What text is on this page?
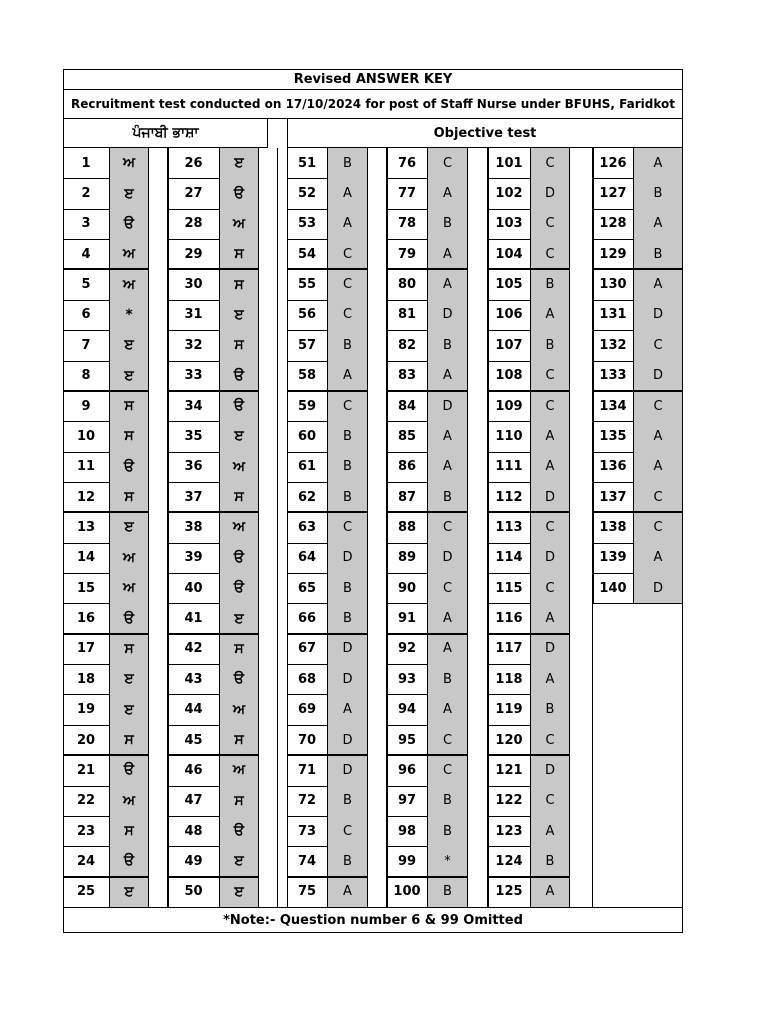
Revised ANSWER KEY
Recruitment test conducted on 17/10/2024 for post of Staff Nurse under BFUHS, Faridkot
ਪੰਜਾਬੀ ਭਾਸ਼ਾ	Objective test
1	ਅ
2	ੲ
3	ੳ
4	ਅ
5	ਅ
6	*
7	ੲ
8	ੲ
9	ਸ
10	ਸ
11	ੳ
12	ਸ
13	ੲ
14	ਅ
15	ਅ
16	ੳ
17	ਸ
18	ੲ
19	ੲ
20	ਸ
21	ੳ
22	ਅ
23	ਸ
24	ੳ
25	ੲ
26	ੲ
27	ੳ
28	ਅ
29	ਸ
30	ਸ
31	ੲ
32	ਸ
33	ੳ
34	ੳ
35	ੲ
36	ਅ
37	ਸ
38	ਅ
39	ੳ
40	ੳ
41	ੲ
42	ਸ
43	ੳ
44	ਅ
45	ਸ
46	ਅ
47	ਸ
48	ੳ
49	ੲ
50	ੲ
51	B
52	A
53	A
54	C
55	C
56	C
57	B
58	A
59	C
60	B
61	B
62	B
63	C
64	D
65	B
66	B
67	D
68	D
69	A
70	D
71	D
72	B
73	C
74	B
75	A
76	C
77	A
78	B
79	A
80	A
81	D
82	B
83	A
84	D
85	A
86	A
87	B
88	C
89	D
90	C
91	A
92	A
93	B
94	A
95	C
96	C
97	B
98	B
99	*
100	B
101	C
102	D
103	C
104	C
105	B
106	A
107	B
108	C
109	C
110	A
111	A
112	D
113	C
114	D
115	C
116	A
117	D
118	A
119	B
120	C
121	D
122	C
123	A
124	B
125	A
126	A
127	B
128	A
129	B
130	A
131	D
132	C
133	D
134	C
135	A
136	A
137	C
138	C
139	A
140	D
*Note:- Question number 6 & 99 Omitted
